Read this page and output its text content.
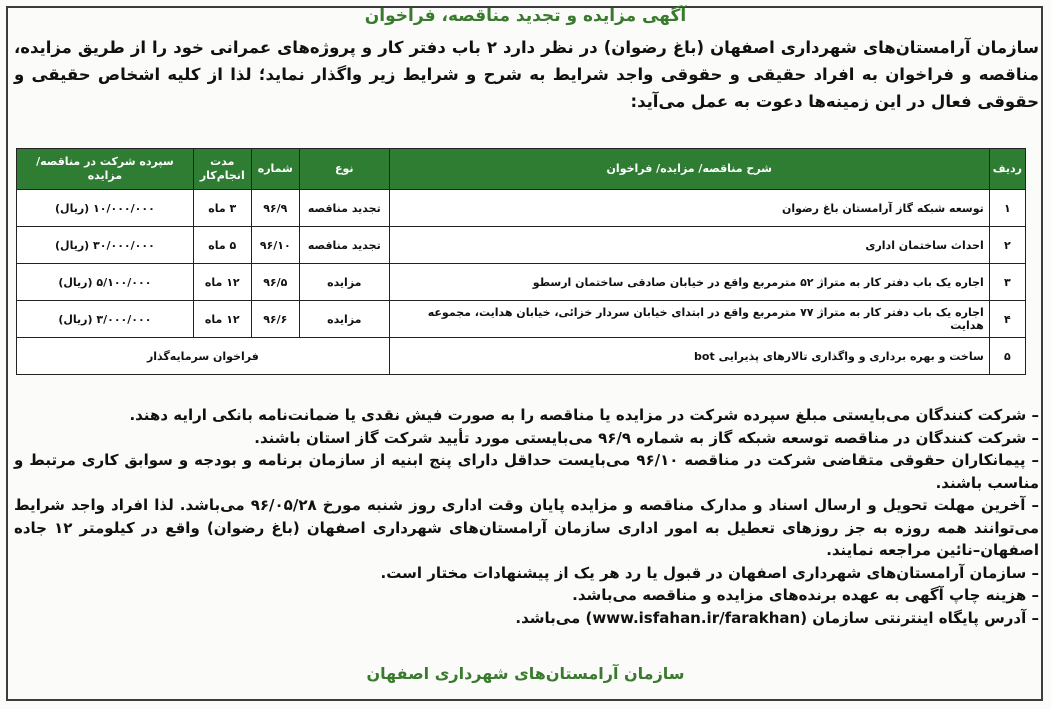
آگهی مزایده و تجدید مناقصه، فراخوان

سازمان آرامستان‌های شهرداری اصفهان (باغ رضوان) در نظر دارد ۲ باب دفتر کار و پروژه‌های عمرانی خود را از طریق مزایده، مناقصه و فراخوان به افراد حقیقی و حقوقی واجد شرایط به شرح و شرایط زیر واگذار نماید؛ لذا از کلیه اشخاص حقیقی و حقوقی فعال در این زمینه‌ها دعوت به عمل می‌آید:

ردیف	شرح مناقصه/ مزایده/ فراخوان	نوع	شماره	مدت انجام‌کار	سپرده شرکت در مناقصه/مزایده
۱	توسعه شبکه گاز آرامستان باغ رضوان	تجدید مناقصه	۹۶/۹	۳ ماه	۱۰/۰۰۰/۰۰۰ (ریال)
۲	احداث ساختمان اداری	تجدید مناقصه	۹۶/۱۰	۵ ماه	۳۰/۰۰۰/۰۰۰ (ریال)
۳	اجاره یک باب دفتر کار به متراژ ۵۲ مترمربع واقع در خیابان صادقی ساختمان ارسطو	مزایده	۹۶/۵	۱۲ ماه	۵/۱۰۰/۰۰۰ (ریال)
۴	اجاره یک باب دفتر کار به متراژ ۷۷ مترمربع واقع در ابتدای خیابان سردار خزائی، خیابان هدایت، مجموعه هدایت	مزایده	۹۶/۶	۱۲ ماه	۳/۰۰۰/۰۰۰ (ریال)
۵	ساخت و بهره برداری و واگذاری تالارهای پذیرایی bot	فراخوان سرمایه‌گذار			

– شرکت کنندگان می‌بایستی مبلغ سپرده شرکت در مزایده یا مناقصه را به صورت فیش نقدی یا ضمانت‌نامه بانکی ارایه دهند.

– شرکت کنندگان در مناقصه توسعه شبکه گاز به شماره ۹۶/۹ می‌بایستی مورد تأیید شرکت گاز استان باشند.

– پیمانکاران حقوقی متقاضی شرکت در مناقصه ۹۶/۱۰ می‌بایست حداقل دارای پنج ابنیه از سازمان برنامه و بودجه و سوابق کاری مرتبط و مناسب باشند.

– آخرین مهلت تحویل و ارسال اسناد و مدارک مناقصه و مزایده پایان وقت اداری روز شنبه مورخ ۹۶/۰۵/۲۸ می‌باشد. لذا افراد واجد شرایط می‌توانند همه روزه به جز روزهای تعطیل به امور اداری سازمان آرامستان‌های شهرداری اصفهان (باغ رضوان) واقع در کیلومتر ۱۲ جاده اصفهان–نائین مراجعه نمایند.

– سازمان آرامستان‌های شهرداری اصفهان در قبول یا رد هر یک از پیشنهادات مختار است.

– هزینه چاپ آگهی به عهده برنده‌های مزایده و مناقصه می‌باشد.

– آدرس پایگاه اینترنتی سازمان (www.isfahan.ir/farakhan) می‌باشد.

سازمان آرامستان‌های شهرداری اصفهان
